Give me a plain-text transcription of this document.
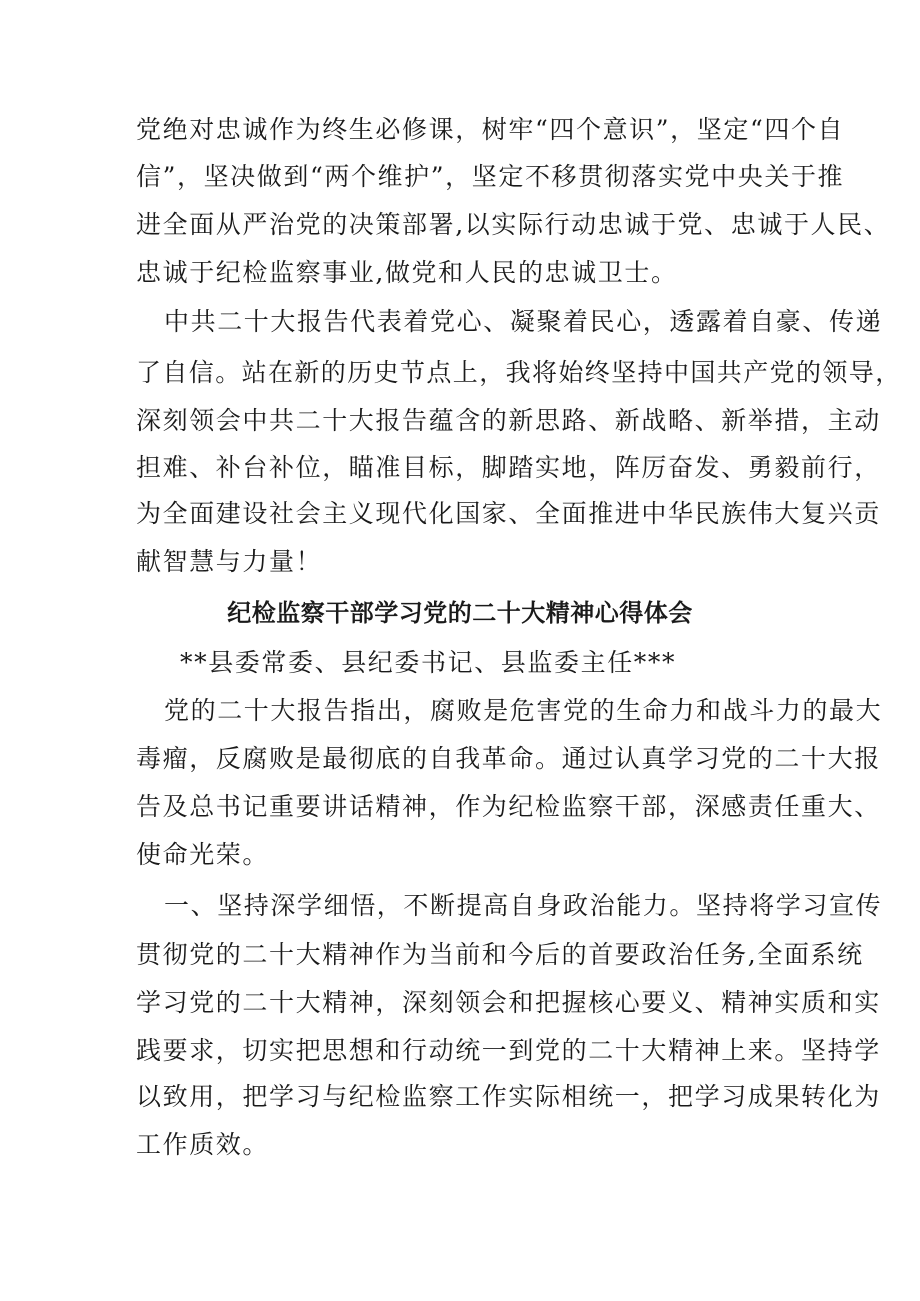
党绝对忠诚作为终生必修课，树牢“四个意识”，坚定“四个自
信”，坚决做到“两个维护”，坚定不移贯彻落实党中央关于推
进全面从严治党的决策部署,以实际行动忠诚于党、忠诚于人民、
忠诚于纪检监察事业,做党和人民的忠诚卫士。
中共二十大报告代表着党心、凝聚着民心，透露着自豪、传递
了自信。站在新的历史节点上，我将始终坚持中国共产党的领导，
深刻领会中共二十大报告蕴含的新思路、新战略、新举措，主动
担难、补台补位，瞄准目标，脚踏实地，阵厉奋发、勇毅前行，
为全面建设社会主义现代化国家、全面推进中华民族伟大复兴贡
献智慧与力量！
纪检监察干部学习党的二十大精神心得体会
**县委常委、县纪委书记、县监委主任***
党的二十大报告指出，腐败是危害党的生命力和战斗力的最大
毒瘤，反腐败是最彻底的自我革命。通过认真学习党的二十大报
告及总书记重要讲话精神，作为纪检监察干部，深感责任重大、
使命光荣。
一、坚持深学细悟，不断提高自身政治能力。坚持将学习宣传
贯彻党的二十大精神作为当前和今后的首要政治任务,全面系统
学习党的二十大精神，深刻领会和把握核心要义、精神实质和实
践要求，切实把思想和行动统一到党的二十大精神上来。坚持学
以致用，把学习与纪检监察工作实际相统一，把学习成果转化为
工作质效。
